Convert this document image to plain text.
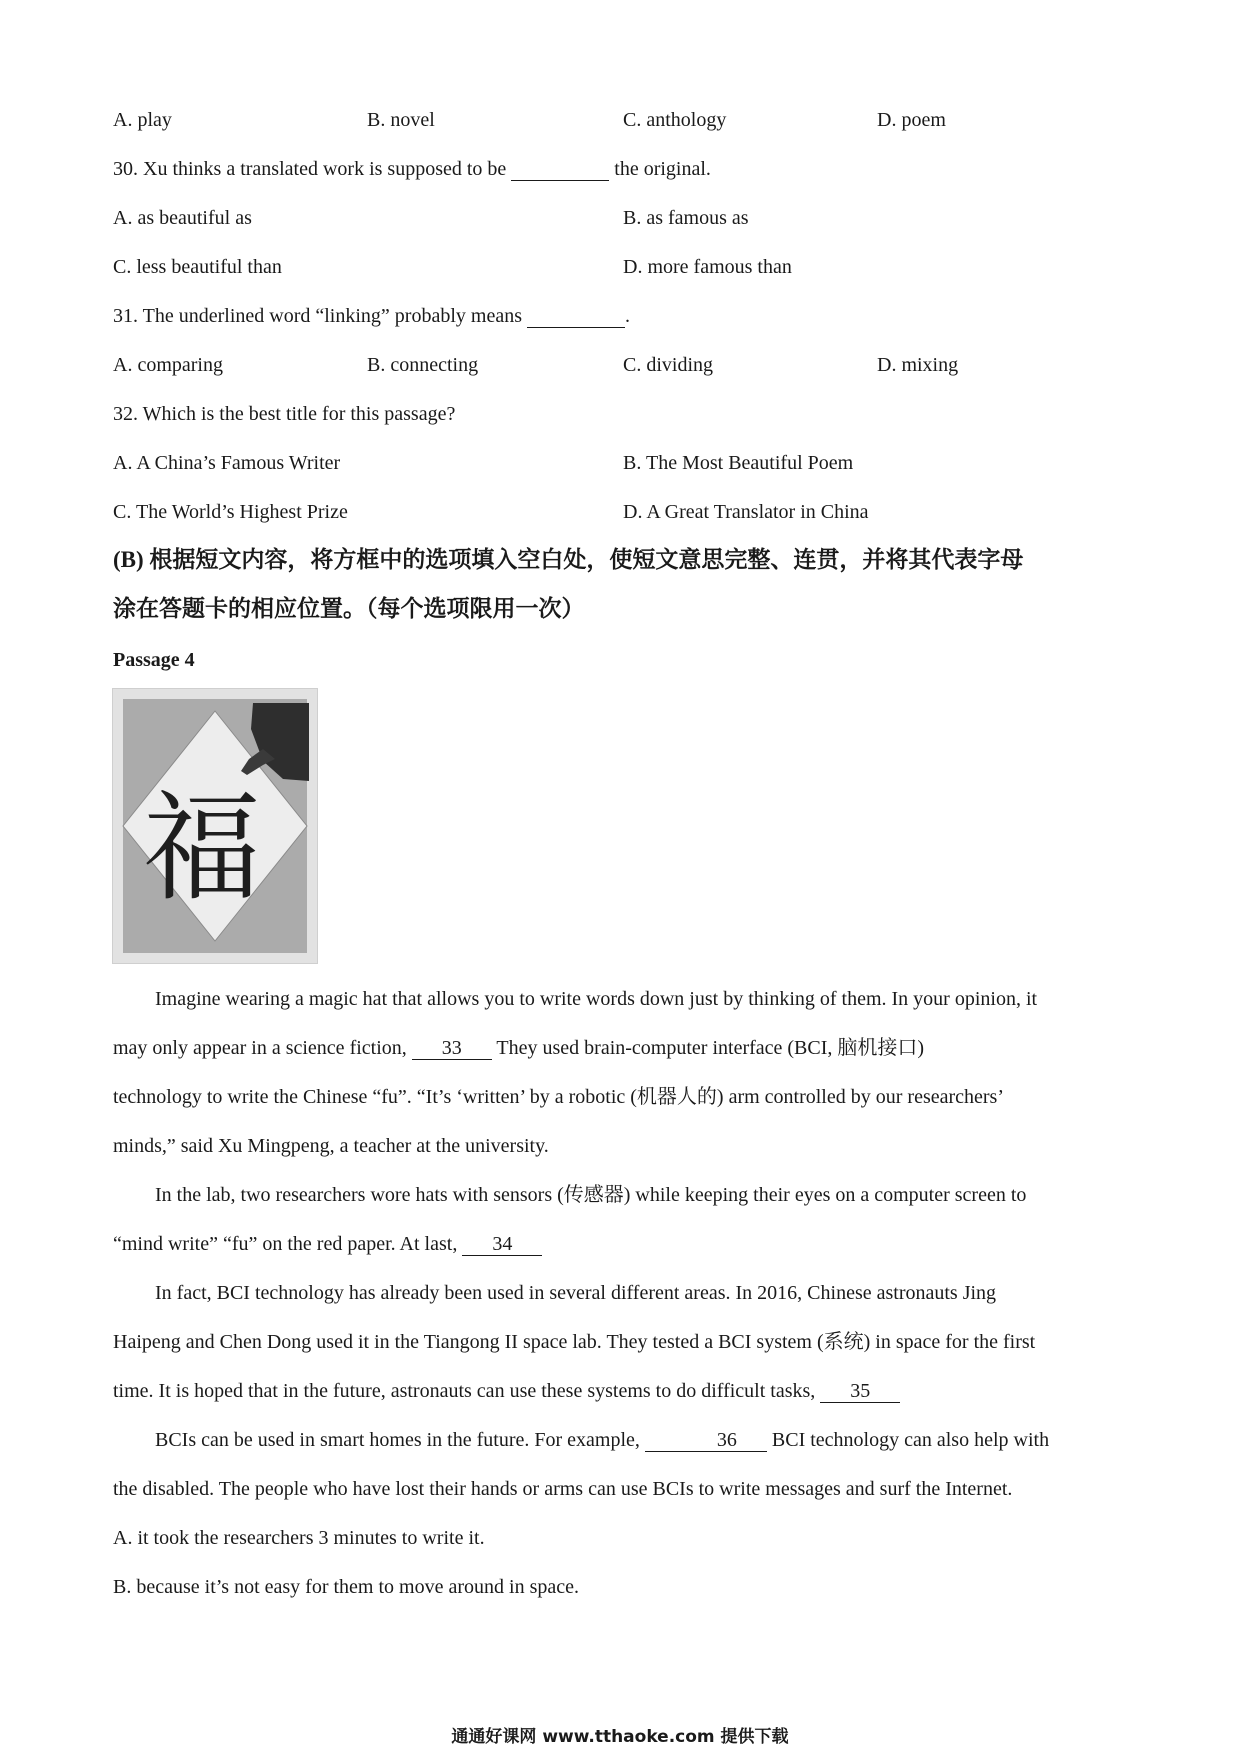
A. play	B. novel	C. anthology	D. poem
30. Xu thinks a translated work is supposed to be	the original.
A. as beautiful as	B. as famous as
C. less beautiful than	D. more famous than
31. The underlined word “linking” probably means	.
A. comparing	B. connecting	C. dividing	D. mixing
32. Which is the best title for this passage?
A. A China’s Famous Writer	B. The Most Beautiful Poem
C. The World’s Highest Prize	D. A Great Translator in China
(B) 根据短文内容，将方框中的选项填入空白处，使短文意思完整、连贯，并将其代表字母
涂在答题卡的相应位置。（每个选项限用一次）
Passage 4
福
Imagine wearing a magic hat that allows you to write words down just by thinking of them. In your opinion, it
may only appear in a science fiction, 33 They used brain-computer interface (BCI, 脑机接口)
technology to write the Chinese “fu”. “It’s ‘written’ by a robotic (机器人的) arm controlled by our researchers’
minds,” said Xu Mingpeng, a teacher at the university.
In the lab, two researchers wore hats with sensors (传感器) while keeping their eyes on a computer screen to
“mind write” “fu” on the red paper. At last, 34
In fact, BCI technology has already been used in several different areas. In 2016, Chinese astronauts Jing
Haipeng and Chen Dong used it in the Tiangong II space lab. They tested a BCI system (系统) in space for the first
time. It is hoped that in the future, astronauts can use these systems to do difficult tasks, 35
BCIs can be used in smart homes in the future. For example,	36 BCI technology can also help with
the disabled. The people who have lost their hands or arms can use BCIs to write messages and surf the Internet.
A. it took the researchers 3 minutes to write it.
B. because it’s not easy for them to move around in space.
通通好课网 www.tthaoke.com 提供下载
